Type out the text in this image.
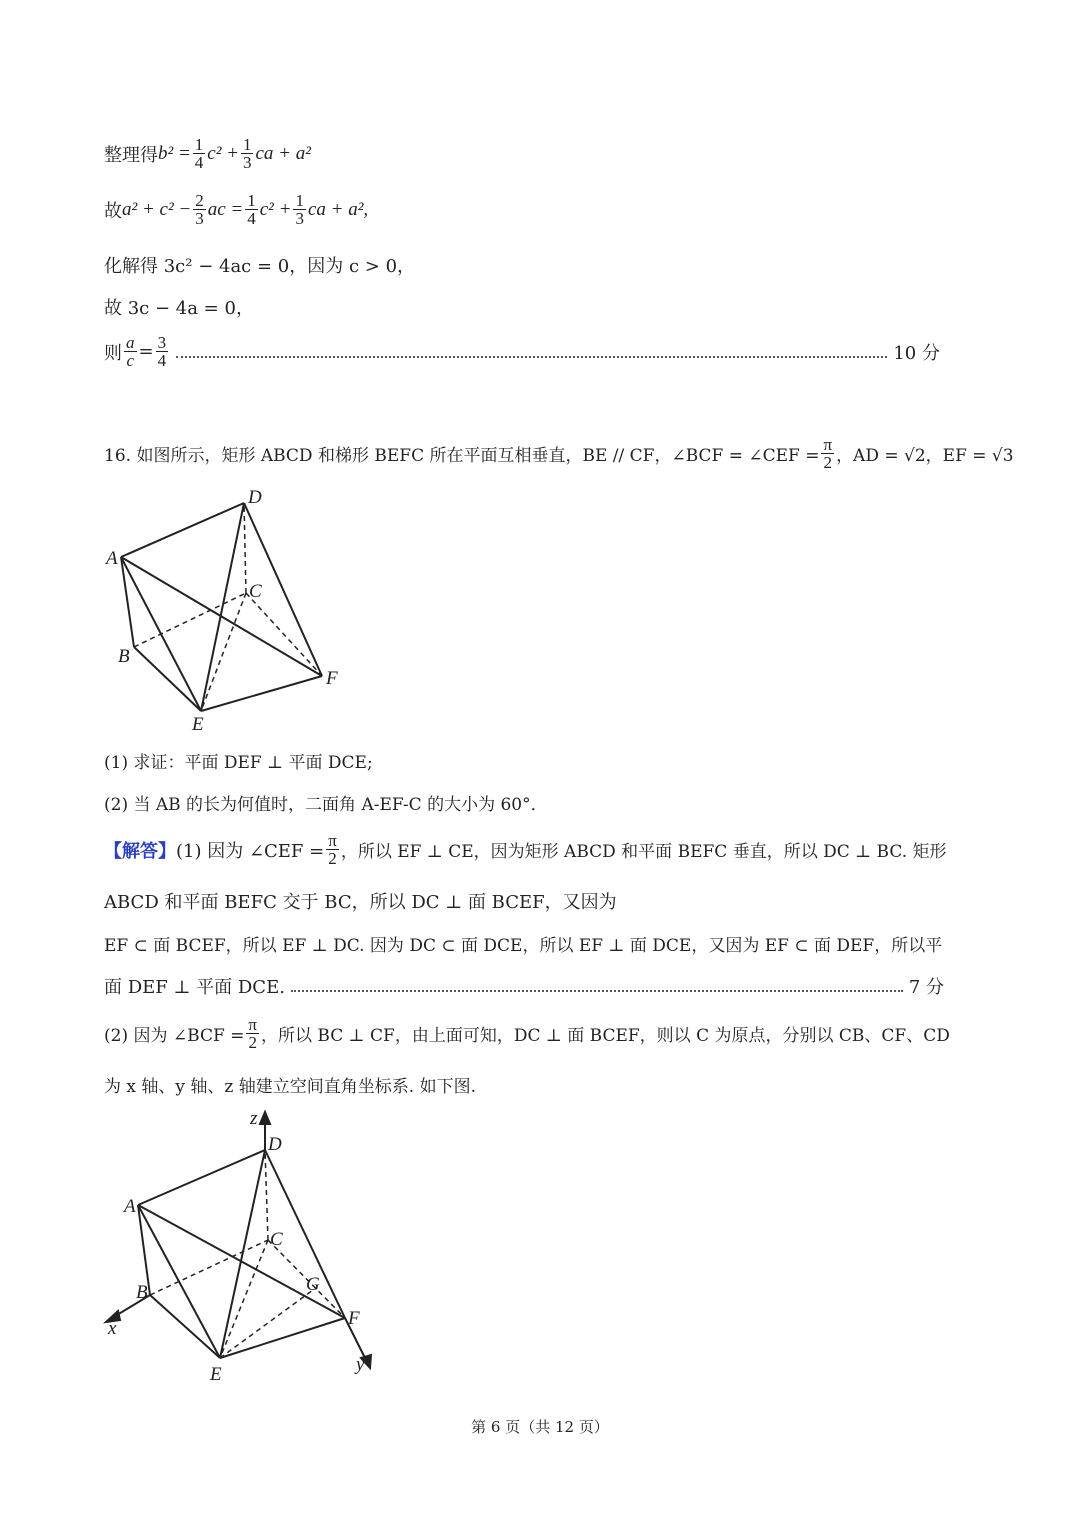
整理得 $b^2 = \frac{1}{4} c^2 + \frac{1}{3}$ ca + a²
故 $a^2 + c^2 - \frac{2}{3}$ ac = $\frac{1}{4} c^2 + \frac{1}{3}$ ca + a²,
化解得 3c² − 4ac = 0，因为 c > 0，
故 3c − 4a = 0，
则 $\frac{a}{c} = \frac{3}{4}$	10 分
16. 如图所示，矩形 ABCD 和梯形 BEFC 所在平面互相垂直，BE // CF，∠BCF = ∠CEF = $\frac{\pi}{2}$ ，AD = √2，EF = √3
A
B
C
D
E
F
(1) 求证：平面 DEF ⊥ 平面 DCE;
(2) 当 AB 的长为何值时，二面角 A-EF-C 的大小为 60°．
【解答】 (1) 因为 ∠CEF = $\frac{\pi}{2}$ ，所以 EF ⊥ CE，因为矩形 ABCD 和平面 BEFC 垂直，所以 DC ⊥ BC. 矩形
ABCD 和平面 BEFC 交于 BC，所以 DC ⊥ 面 BCEF，又因为
EF ⊂ 面 BCEF，所以 EF ⊥ DC. 因为 DC ⊂ 面 DCE，所以 EF ⊥ 面 DCE，又因为 EF ⊂ 面 DEF，所以平
面 DEF ⊥ 平面 DCE.	7 分
(2) 因为 ∠BCF = $\frac{\pi}{2}$ ，所以 BC ⊥ CF，由上面可知，DC ⊥ 面 BCEF，则以 C 为原点，分别以 CB、CF、CD
为 x 轴、y 轴、z 轴建立空间直角坐标系. 如下图.
A
B
C
D
E
F
G
x
y
z
第 6 页（共 12 页）
